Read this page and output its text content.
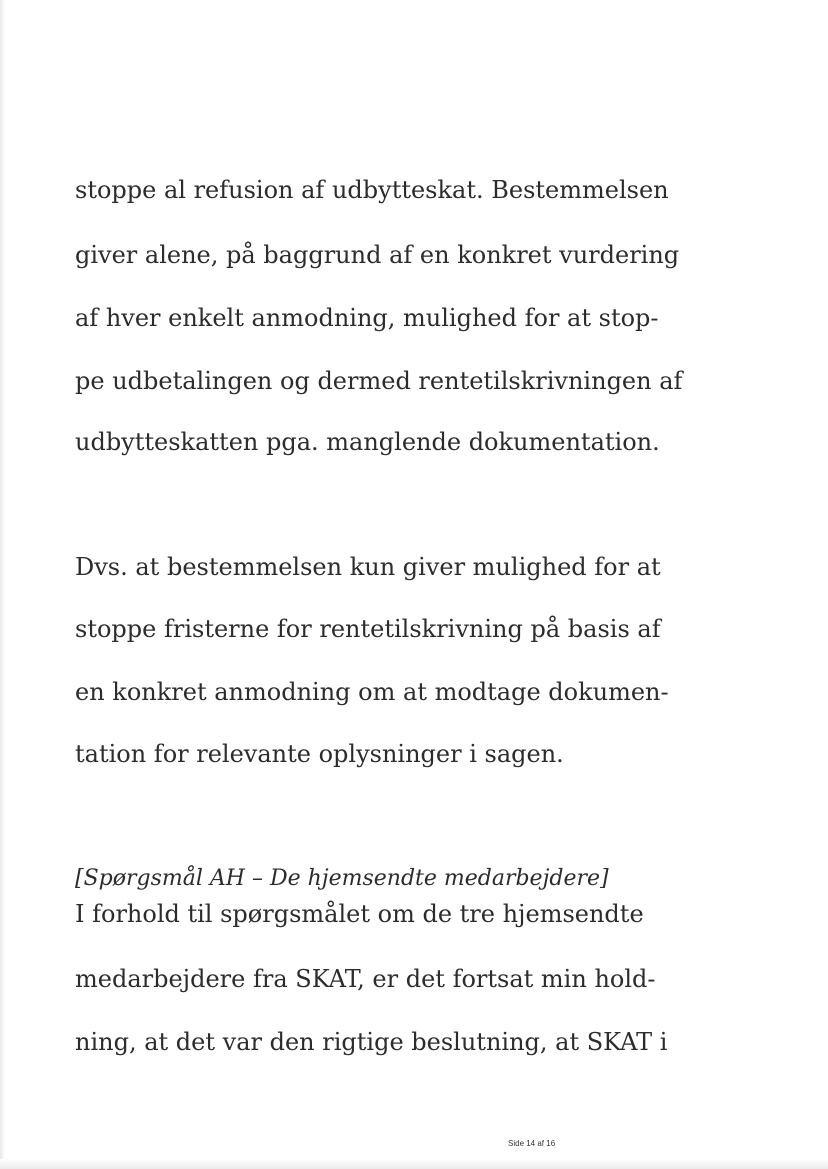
stoppe al refusion af udbytteskat. Bestemmelsen
giver alene, på baggrund af en konkret vurdering
af hver enkelt anmodning, mulighed for at stop-
pe udbetalingen og dermed rentetilskrivningen af
udbytteskatten pga. manglende dokumentation.
Dvs. at bestemmelsen kun giver mulighed for at
stoppe fristerne for rentetilskrivning på basis af
en konkret anmodning om at modtage dokumen-
tation for relevante oplysninger i sagen.
[Spørgsmål AH – De hjemsendte medarbejdere]
I forhold til spørgsmålet om de tre hjemsendte
medarbejdere fra SKAT, er det fortsat min hold-
ning, at det var den rigtige beslutning, at SKAT i
Side 14 af 16
